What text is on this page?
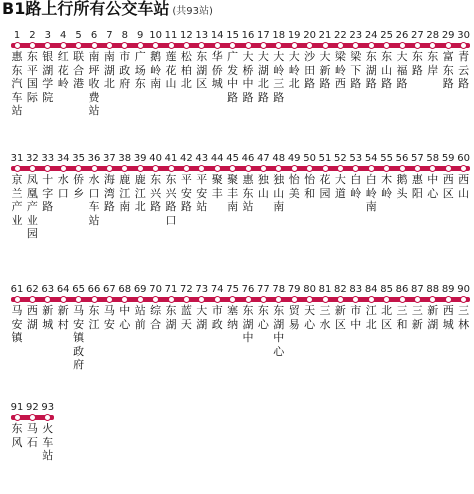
B1路上行所有公交车站 (共93站)
1
惠东汽车站
2
东平国际
3
银湖学院
4
红花岭
5
联合港
6
南坪收费站
7
南湖北
8
市政府
9
广场东
10
鹅岭南
11
莲花山
12
松柏北
13
东湖区
14
华侨城
15
广发中路
16
大桥中路
17
大湖北路
18
大岭三路
19
大岭北
20
沙田路
21
大新路
22
梁岭西
23
梁下路
24
东湖路
25
东山路
26
大福路
27
东路
28
东岸
29
富东路
30
青云路
31
京兰产业
32
凤凰产业园
33
十字路
34
水口
35
侨乡
36
水口车站
37
海湾路
38
鹿江南
39
鹿江北
40
东兴路
41
东兴路口
42
平安路
43
平安站
44
聚丰
45
聚丰南
46
惠东站
47
独山
48
独山南
49
怡美
50
怡和
51
花园
52
大道
53
白岭
54
白岭南
55
木岭
56
鹅头
57
惠阳
58
中心
59
西区
60
西山
61
马安镇
62
西湖
63
新城
64
新村
65
马安镇政府
66
东江
67
马安
68
中心
69
站前
70
综合
71
东湖
72
蓝天
73
大湖
74
市政
75
塞纳
76
东湖中
77
东心
78
东湖中心
79
贸易
80
天心
81
三水
82
新区
83
市中
84
江北
85
北区
86
三和
87
三新
88
新湖
89
西城
90
三林
91
东风
92
马石
93
火车站
